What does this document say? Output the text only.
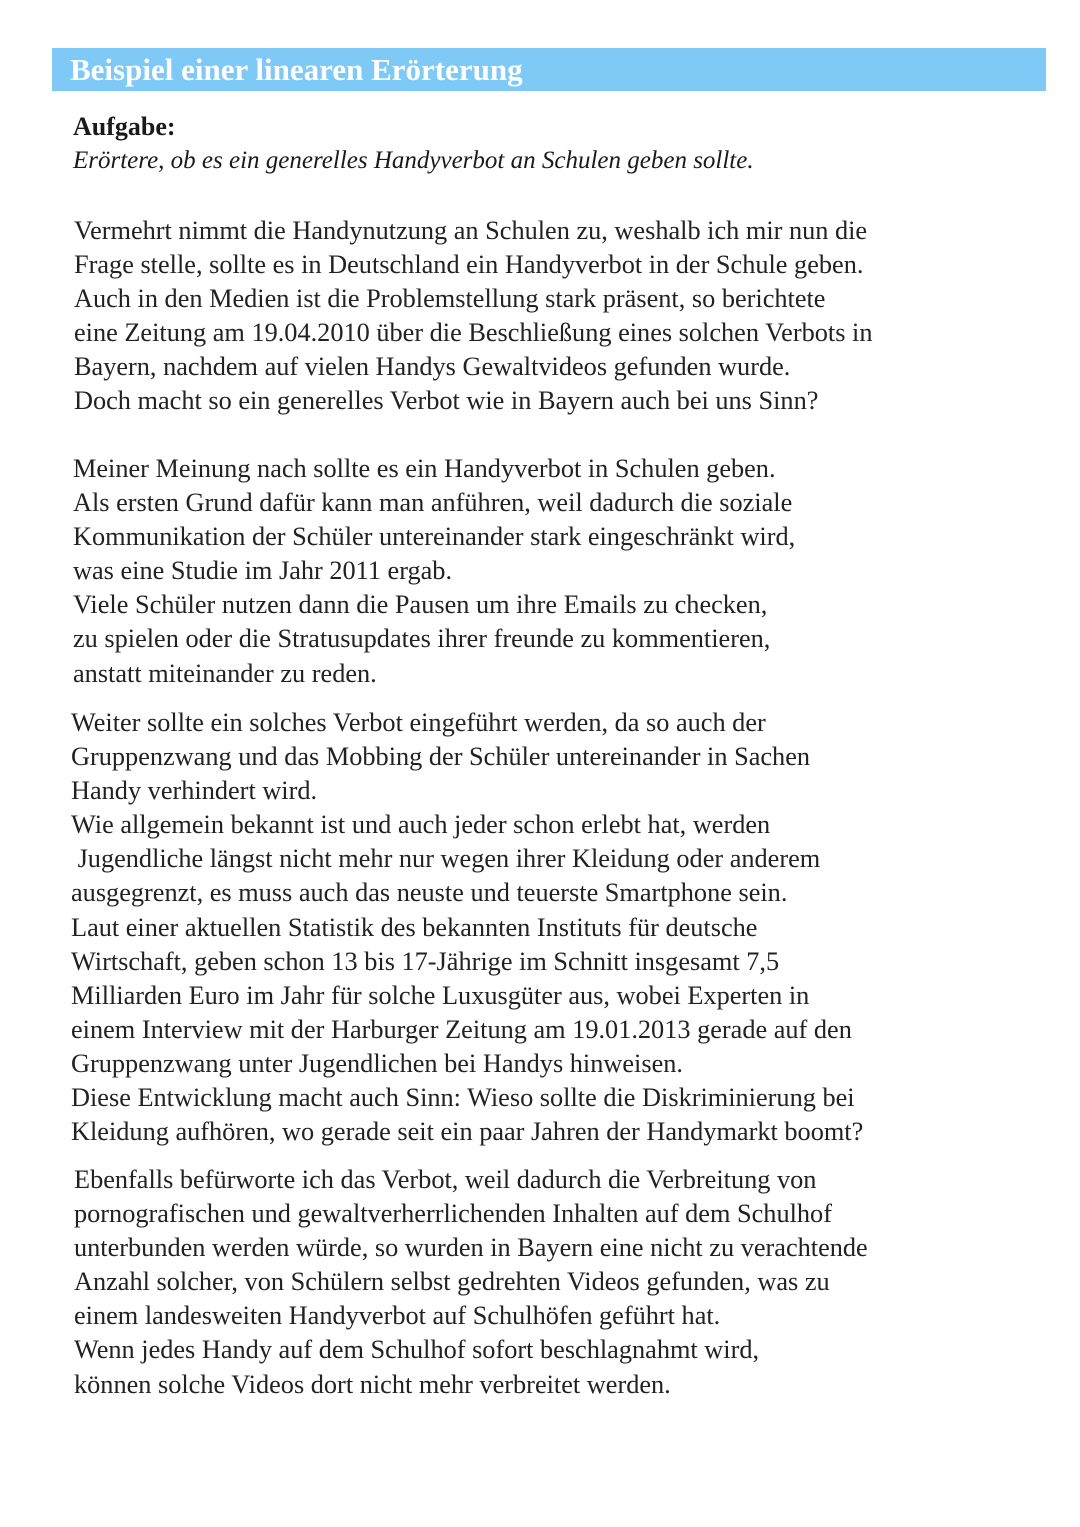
Beispiel einer linearen Erörterung
Aufgabe:
Erörtere, ob es ein generelles Handyverbot an Schulen geben sollte.
Vermehrt nimmt die Handynutzung an Schulen zu, weshalb ich mir nun die
Frage stelle, sollte es in Deutschland ein Handyverbot in der Schule geben.
Auch in den Medien ist die Problemstellung stark präsent, so berichtete
eine Zeitung am 19.04.2010 über die Beschließung eines solchen Verbots in
Bayern, nachdem auf vielen Handys Gewaltvideos gefunden wurde.
Doch macht so ein generelles Verbot wie in Bayern auch bei uns Sinn?
Meiner Meinung nach sollte es ein Handyverbot in Schulen geben.
Als ersten Grund dafür kann man anführen, weil dadurch die soziale
Kommunikation der Schüler untereinander stark eingeschränkt wird,
was eine Studie im Jahr 2011 ergab.
Viele Schüler nutzen dann die Pausen um ihre Emails zu checken,
zu spielen oder die Stratusupdates ihrer freunde zu kommentieren,
anstatt miteinander zu reden.
Weiter sollte ein solches Verbot eingeführt werden, da so auch der
Gruppenzwang und das Mobbing der Schüler untereinander in Sachen
Handy verhindert wird.
Wie allgemein bekannt ist und auch jeder schon erlebt hat, werden
Jugendliche längst nicht mehr nur wegen ihrer Kleidung oder anderem
ausgegrenzt, es muss auch das neuste und teuerste Smartphone sein.
Laut einer aktuellen Statistik des bekannten Instituts für deutsche
Wirtschaft, geben schon 13 bis 17-Jährige im Schnitt insgesamt 7,5
Milliarden Euro im Jahr für solche Luxusgüter aus, wobei Experten in
einem Interview mit der Harburger Zeitung am 19.01.2013 gerade auf den
Gruppenzwang unter Jugendlichen bei Handys hinweisen.
Diese Entwicklung macht auch Sinn: Wieso sollte die Diskriminierung bei
Kleidung aufhören, wo gerade seit ein paar Jahren der Handymarkt boomt?
Ebenfalls befürworte ich das Verbot, weil dadurch die Verbreitung von
pornografischen und gewaltverherrlichenden Inhalten auf dem Schulhof
unterbunden werden würde, so wurden in Bayern eine nicht zu verachtende
Anzahl solcher, von Schülern selbst gedrehten Videos gefunden, was zu
einem landesweiten Handyverbot auf Schulhöfen geführt hat.
Wenn jedes Handy auf dem Schulhof sofort beschlagnahmt wird,
können solche Videos dort nicht mehr verbreitet werden.
